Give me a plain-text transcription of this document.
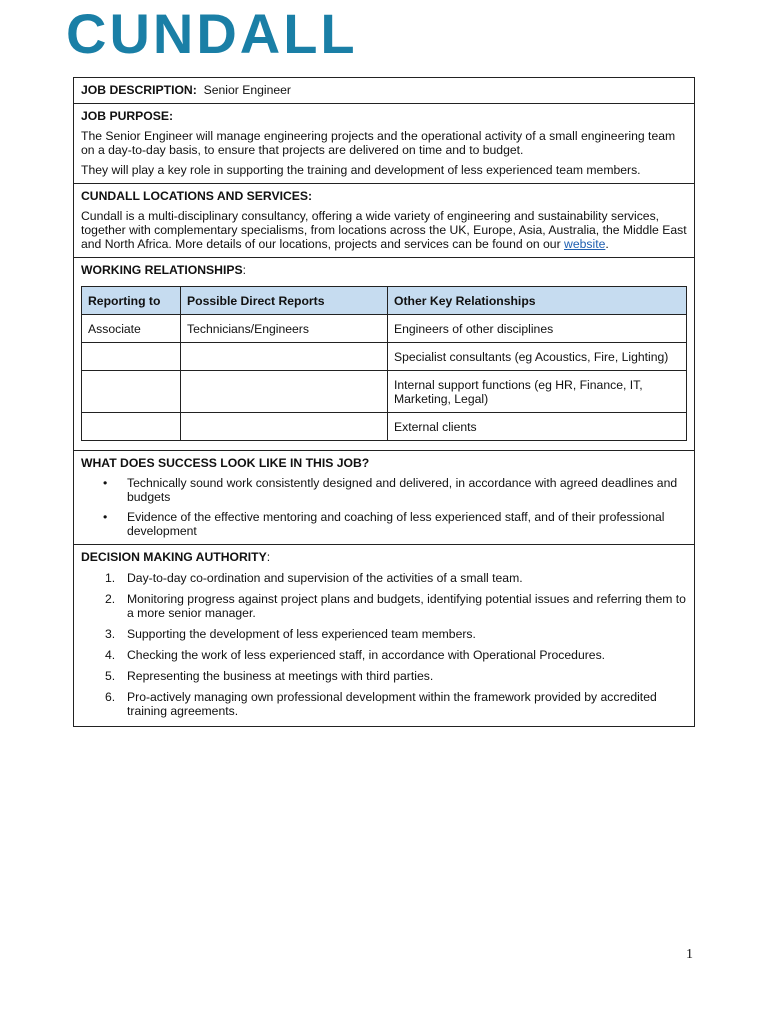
CUNDALL
JOB DESCRIPTION: Senior Engineer

JOB PURPOSE:

The Senior Engineer will manage engineering projects and the operational activity of a small engineering team on a day-to-day basis, to ensure that projects are delivered on time and to budget.

They will play a key role in supporting the training and development of less experienced team members.

CUNDALL LOCATIONS AND SERVICES:

Cundall is a multi-disciplinary consultancy, offering a wide variety of engineering and sustainability services, together with complementary specialisms, from locations across the UK, Europe, Asia, Australia, the Middle East and North Africa. More details of our locations, projects and services can be found on our website.

WORKING RELATIONSHIPS:

Reporting to	Possible Direct Reports	Other Key Relationships
Associate	Technicians/Engineers	Engineers of other disciplines
		Specialist consultants (eg Acoustics, Fire, Lighting)
		Internal support functions (eg HR, Finance, IT, Marketing, Legal)
		External clients

WHAT DOES SUCCESS LOOK LIKE IN THIS JOB?

• Technically sound work consistently designed and delivered, in accordance with agreed deadlines and budgets
• Evidence of the effective mentoring and coaching of less experienced staff, and of their professional development

DECISION MAKING AUTHORITY:

1. Day-to-day co-ordination and supervision of the activities of a small team.
2. Monitoring progress against project plans and budgets, identifying potential issues and referring them to a more senior manager.
3. Supporting the development of less experienced team members.
4. Checking the work of less experienced staff, in accordance with Operational Procedures.
5. Representing the business at meetings with third parties.
6. Pro-actively managing own professional development within the framework provided by accredited training agreements.
1
